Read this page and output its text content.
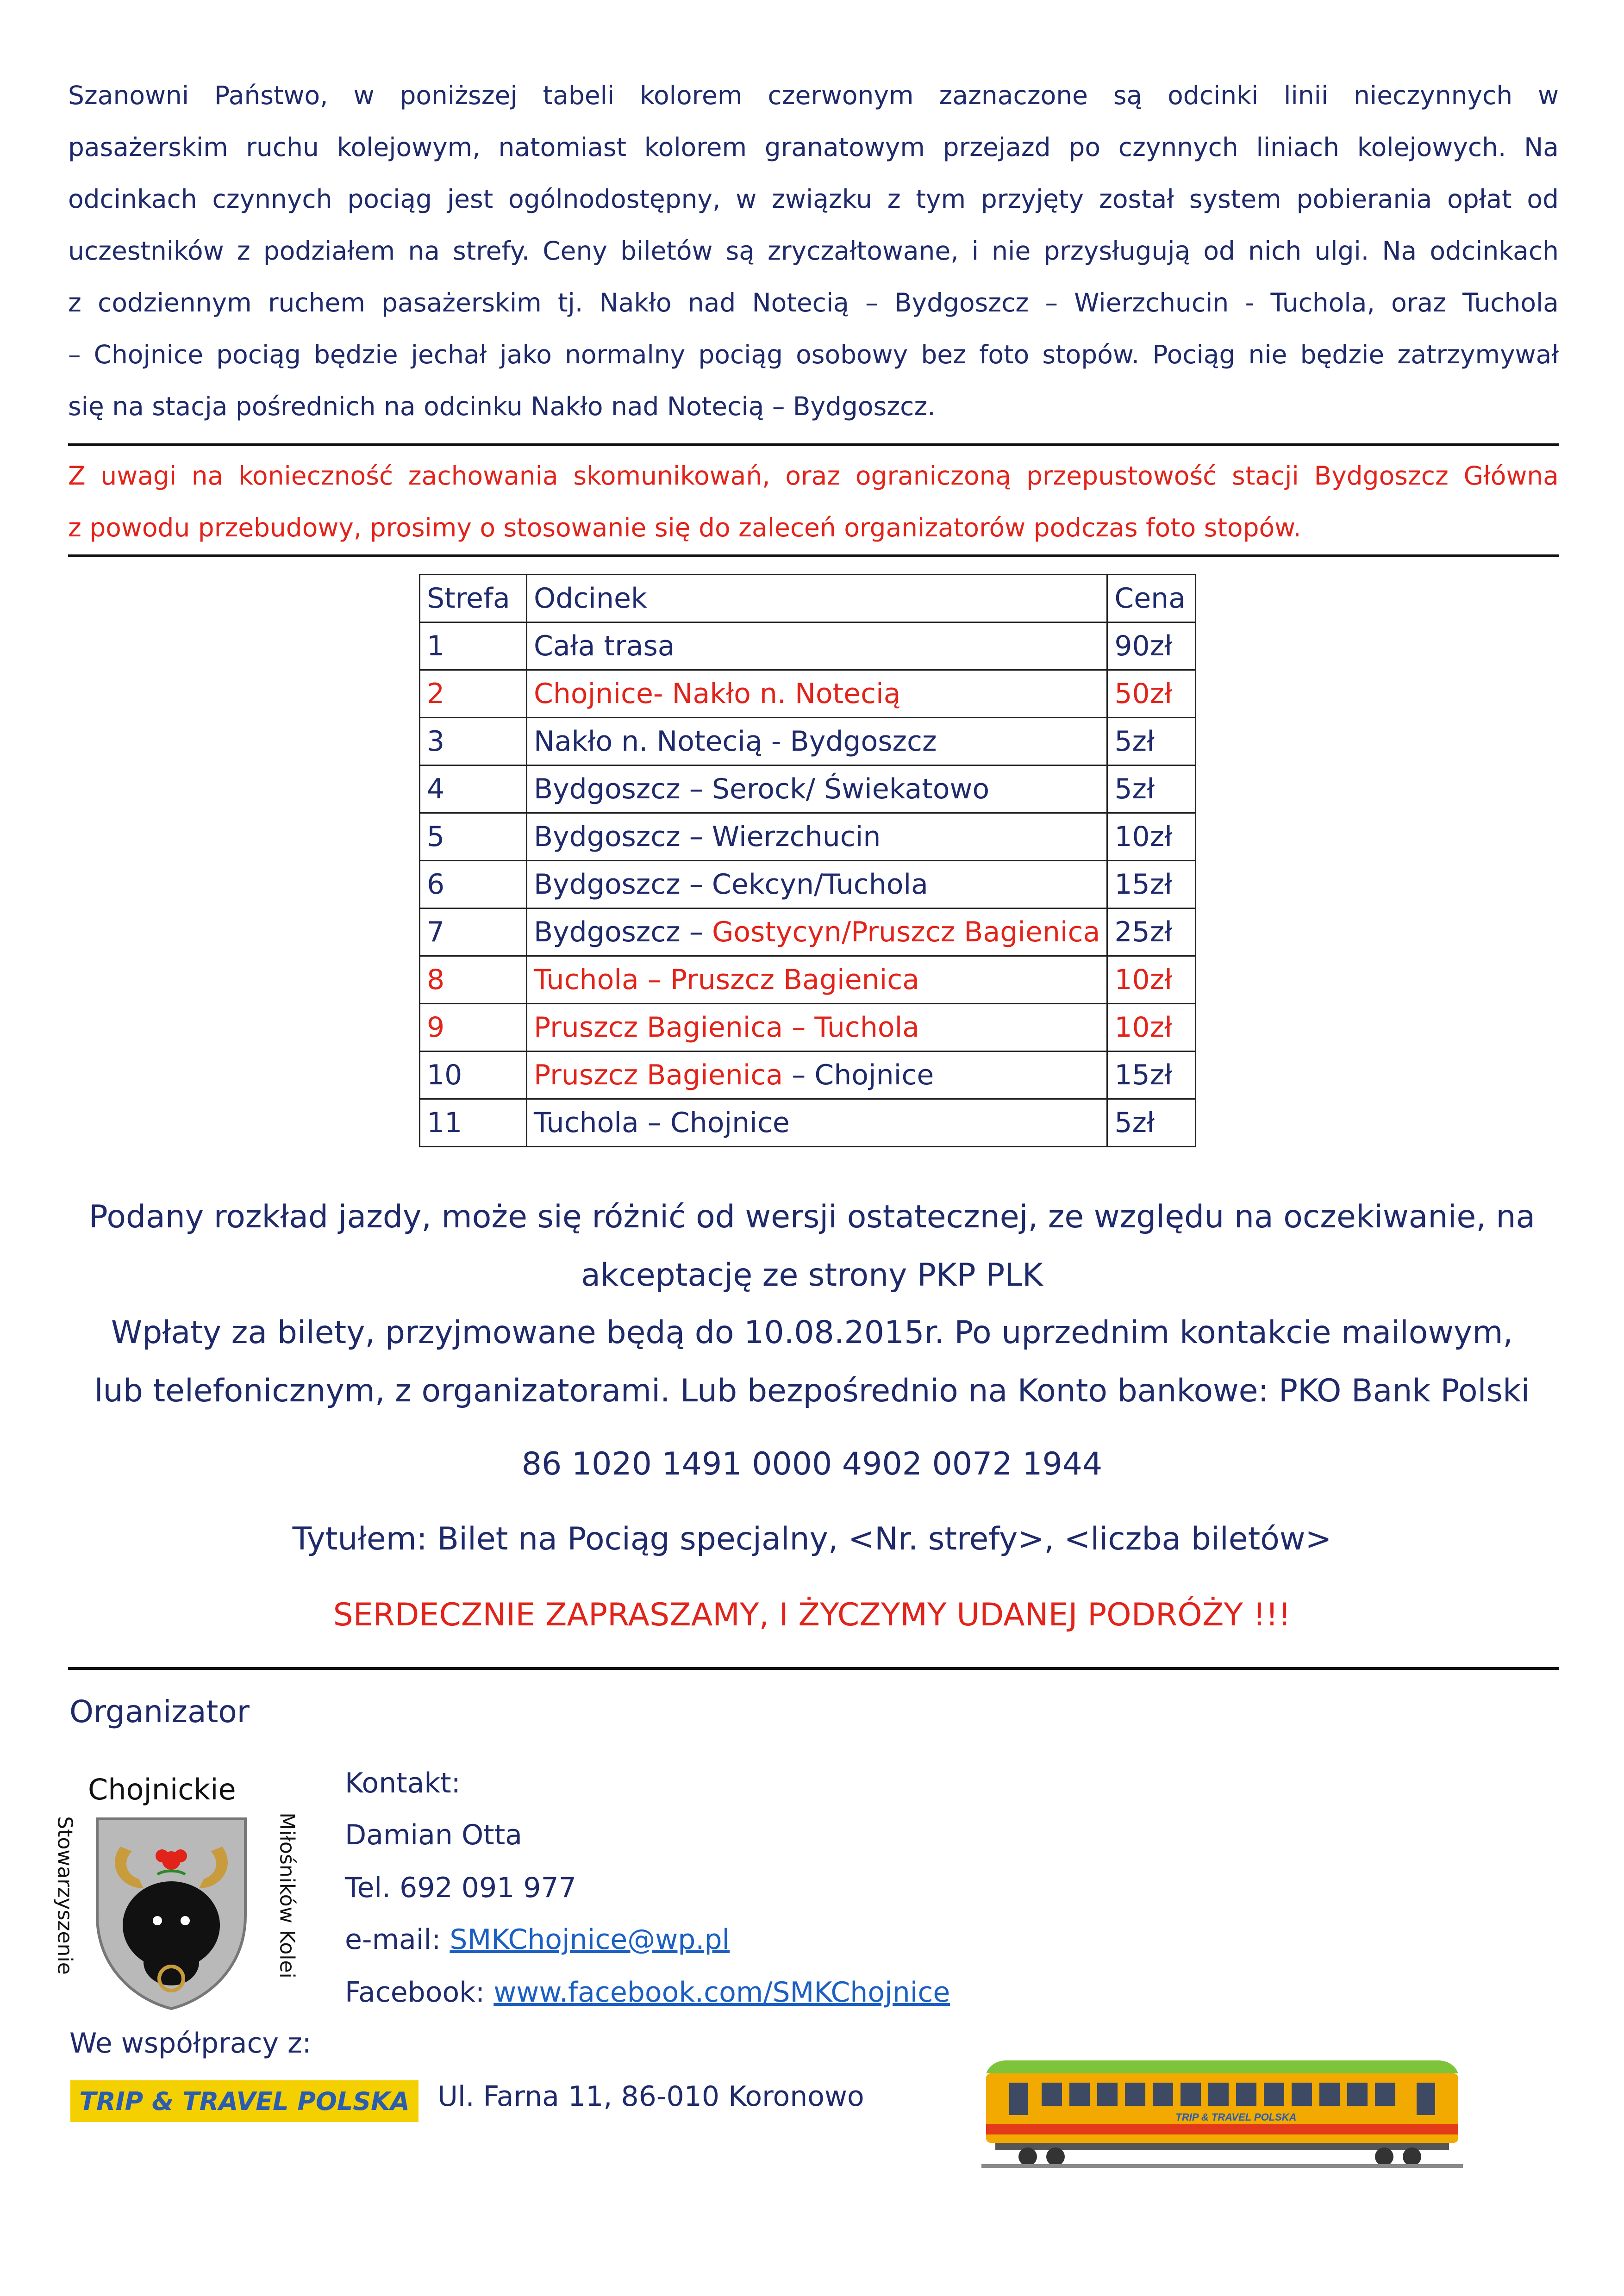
Szanowni Państwo, w poniższej tabeli kolorem czerwonym zaznaczone są odcinki linii nieczynnych w
pasażerskim ruchu kolejowym, natomiast kolorem granatowym przejazd po czynnych liniach kolejowych. Na
odcinkach czynnych pociąg jest ogólnodostępny, w związku z tym przyjęty został system pobierania opłat od
uczestników z podziałem na strefy. Ceny biletów są zryczałtowane, i nie przysługują od nich ulgi. Na odcinkach
z codziennym ruchem pasażerskim tj. Nakło nad Notecią – Bydgoszcz – Wierzchucin - Tuchola, oraz Tuchola
– Chojnice pociąg będzie jechał jako normalny pociąg osobowy bez foto stopów. Pociąg nie będzie zatrzymywał
się na stacja pośrednich na odcinku Nakło nad Notecią – Bydgoszcz.
Z uwagi na konieczność zachowania skomunikowań, oraz ograniczoną przepustowość stacji Bydgoszcz Główna
z powodu przebudowy, prosimy o stosowanie się do zaleceń organizatorów podczas foto stopów.
Strefa	Odcinek	Cena
1	Cała trasa	90zł
2	Chojnice- Nakło n. Notecią	50zł
3	Nakło n. Notecią - Bydgoszcz	5zł
4	Bydgoszcz – Serock/ Świekatowo	5zł
5	Bydgoszcz – Wierzchucin	10zł
6	Bydgoszcz – Cekcyn/Tuchola	15zł
7	Bydgoszcz – Gostycyn/Pruszcz Bagienica	25zł
8	Tuchola – Pruszcz Bagienica	10zł
9	Pruszcz Bagienica – Tuchola	10zł
10	Pruszcz Bagienica – Chojnice	15zł
11	Tuchola – Chojnice	5zł
Podany rozkład jazdy, może się różnić od wersji ostatecznej, ze względu na oczekiwanie, na
akceptację ze strony PKP PLK
Wpłaty za bilety, przyjmowane będą do 10.08.2015r. Po uprzednim kontakcie mailowym,
lub telefonicznym, z organizatorami. Lub bezpośrednio na Konto bankowe: PKO Bank Polski
86 1020 1491 0000 4902 0072 1944
Tytułem: Bilet na Pociąg specjalny, <Nr. strefy>, <liczba biletów>
SERDECZNIE ZAPRASZAMY, I ŻYCZYMY UDANEJ PODRÓŻY !!!
Organizator
Chojnickie
Stowarzyszenie	Miłośników Kolei
Kontakt:
Damian Otta
Tel. 692 091 977
e-mail: SMKChojnice@wp.pl
Facebook: www.facebook.com/SMKChojnice
We współpracy z:
TRIP & TRAVEL POLSKA Ul. Farna 11, 86-010 Koronowo
TRIP & TRAVEL POLSKA
